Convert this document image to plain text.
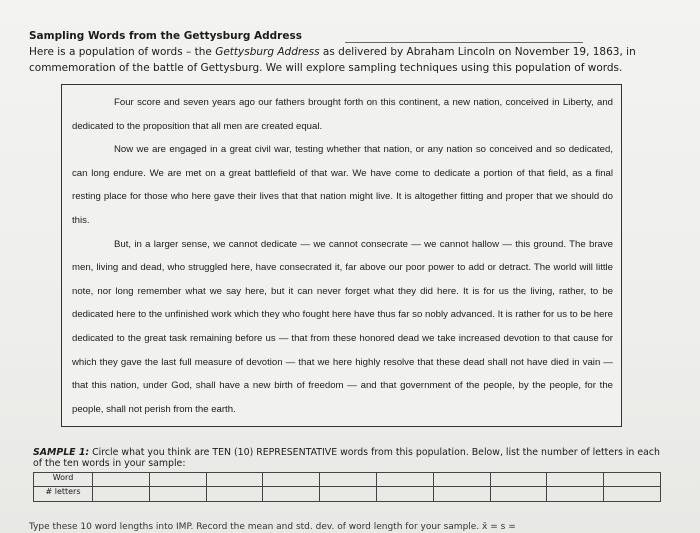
Sampling Words from the Gettysburg Address
Here is a population of words – the Gettysburg Address as delivered by Abraham Lincoln on November 19, 1863, in commemoration of the battle of Gettysburg. We will explore sampling techniques using this population of words.

Four score and seven years ago our fathers brought forth on this continent, a new nation, conceived in Liberty, and dedicated to the proposition that all men are created equal.

Now we are engaged in a great civil war, testing whether that nation, or any nation so conceived and so dedicated, can long endure. We are met on a great battlefield of that war. We have come to dedicate a portion of that field, as a final resting place for those who here gave their lives that that nation might live. It is altogether fitting and proper that we should do this.

But, in a larger sense, we cannot dedicate — we cannot consecrate — we cannot hallow — this ground. The brave men, living and dead, who struggled here, have consecrated it, far above our poor power to add or detract. The world will little note, nor long remember what we say here, but it can never forget what they did here. It is for us the living, rather, to be dedicated here to the unfinished work which they who fought here have thus far so nobly advanced. It is rather for us to be here dedicated to the great task remaining before us — that from these honored dead we take increased devotion to that cause for which they gave the last full measure of devotion — that we here highly resolve that these dead shall not have died in vain — that this nation, under God, shall have a new birth of freedom — and that government of the people, by the people, for the people, shall not perish from the earth.

SAMPLE 1: Circle what you think are TEN (10) REPRESENTATIVE words from this population. Below, list the number of letters in each of the ten words in your sample:
Word										
# letters										
Type these 10 word lengths into IMP. Record the mean and std. dev. of word length for your sample. x̄ = s =
